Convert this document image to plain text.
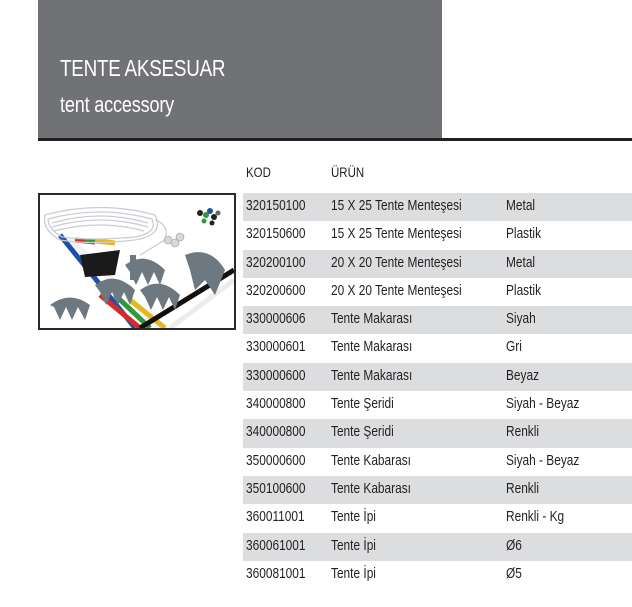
TENTE AKSESUAR
tent accessory
KOD	ÜRÜN
320150100 15 X 25 Tente Menteşesi	Metal
320150600 15 X 25 Tente Menteşesi	Plastik
320200100 20 X 20 Tente Menteşesi	Metal
320200600 20 X 20 Tente Menteşesi	Plastik
330000606 Tente Makarası	Siyah
330000601 Tente Makarası	Gri
330000600 Tente Makarası	Beyaz
340000800 Tente Şeridi	Siyah - Beyaz
340000800 Tente Şeridi	Renkli
350000600 Tente Kabarası	Siyah - Beyaz
350100600 Tente Kabarası	Renkli
360011001 Tente İpi	Renkli - Kg
360061001 Tente İpi	Ø6
360081001 Tente İpi	Ø5
